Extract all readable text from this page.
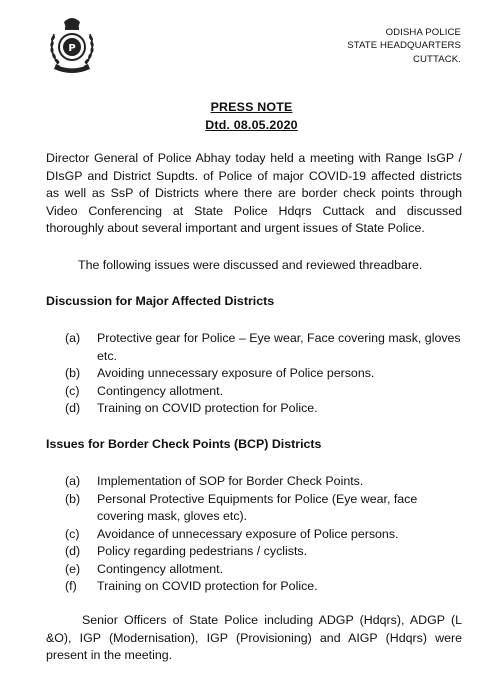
P
ODISHA POLICE
STATE HEADQUARTERS
CUTTACK.
PRESS NOTE
Dtd. 08.05.2020
Director General of Police Abhay today held a meeting with Range IsGP / DIsGP and District Supdts. of Police of major COVID-19 affected districts as well as SsP of Districts where there are border check points through Video Conferencing at State Police Hdqrs Cuttack and discussed thoroughly about several important and urgent issues of State Police.
The following issues were discussed and reviewed threadbare.
Discussion for Major Affected Districts
(a)	Protective gear for Police – Eye wear, Face covering mask, gloves etc.
(b)	Avoiding unnecessary exposure of Police persons.
(c)	Contingency allotment.
(d)	Training on COVID protection for Police.
Issues for Border Check Points (BCP) Districts
(a)	Implementation of SOP for Border Check Points.
(b)	Personal Protective Equipments for Police (Eye wear, face covering mask, gloves etc).
(c)	Avoidance of unnecessary exposure of Police persons.
(d)	Policy regarding pedestrians / cyclists.
(e)	Contingency allotment.
(f)	Training on COVID protection for Police.
Senior Officers of State Police including ADGP (Hdqrs), ADGP (L &O), IGP (Modernisation), IGP (Provisioning) and AIGP (Hdqrs) were present in the meeting.
